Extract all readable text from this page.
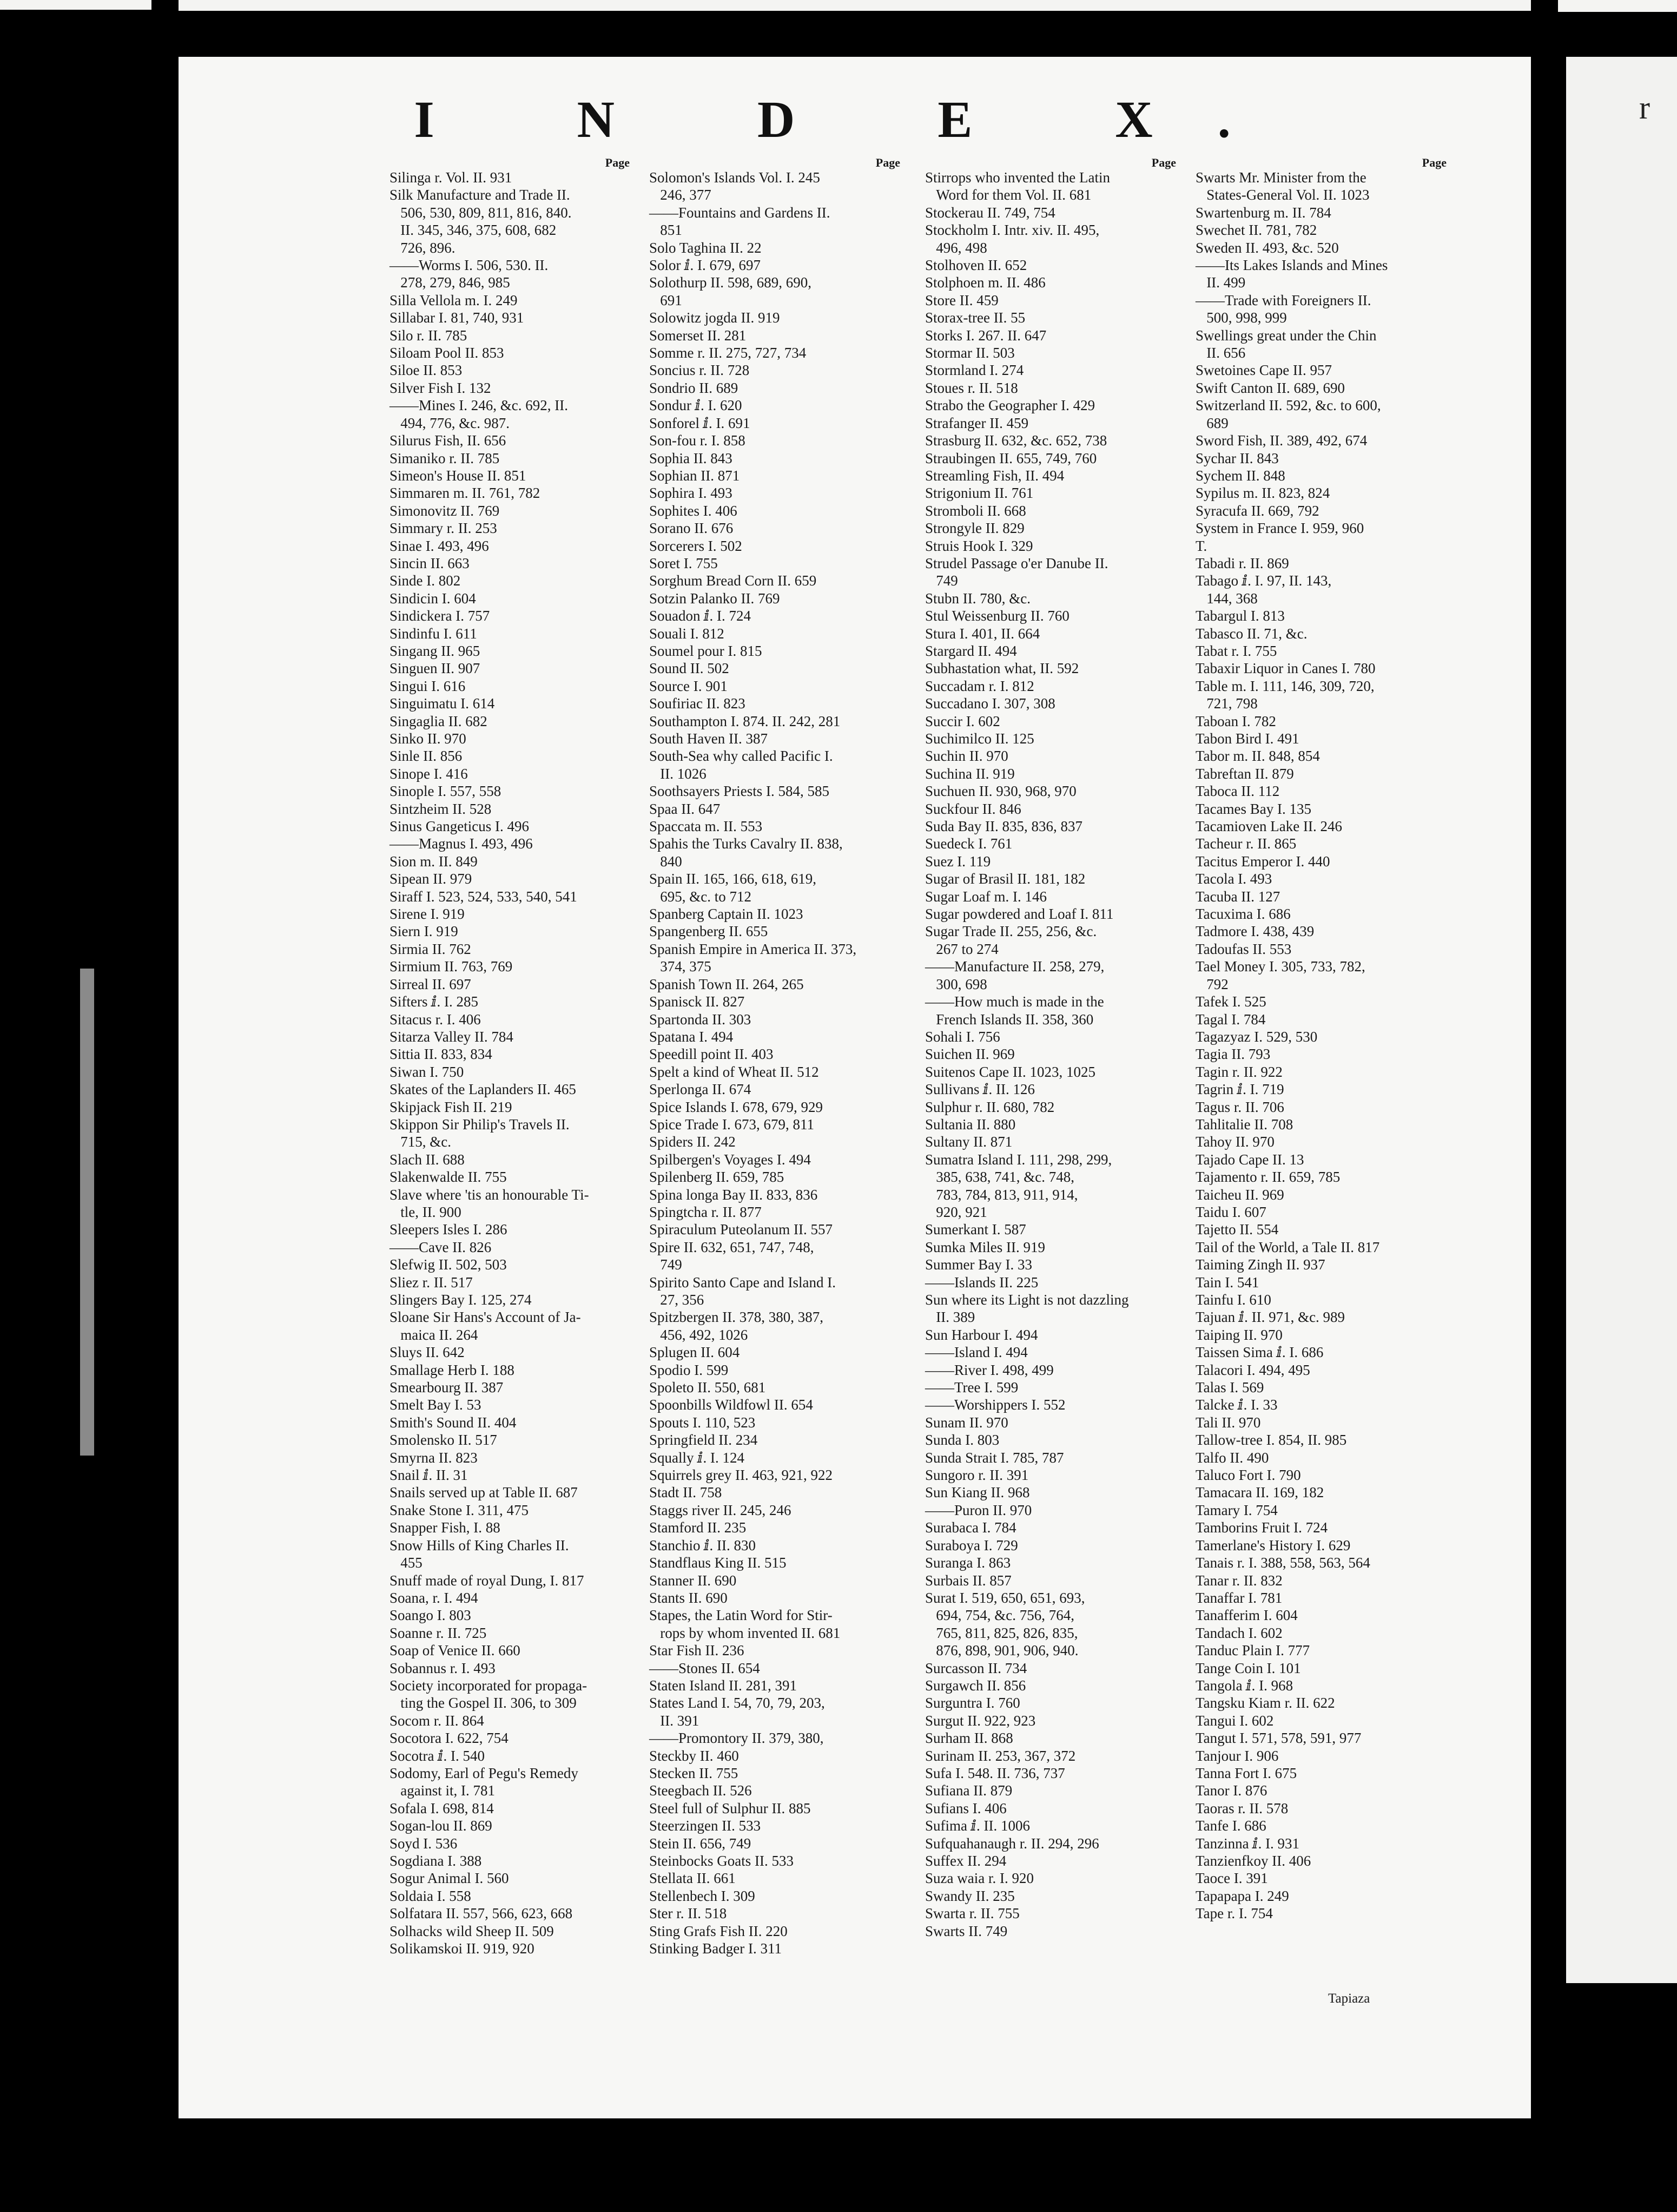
r
I N D E X.
Page
Silinga r. Vol. II. 931
Silk Manufacture and Trade II.
506, 530, 809, 811, 816, 840.
II. 345, 346, 375, 608, 682
726, 896.
——Worms I. 506, 530. II.
278, 279, 846, 985
Silla Vellola m. I. 249
Sillabar I. 81, 740, 931
Silo r. II. 785
Siloam Pool II. 853
Siloe II. 853
Silver Fish I. 132
——Mines I. 246, &c. 692, II.
494, 776, &c. 987.
Silurus Fish, II. 656
Simaniko r. II. 785
Simeon's House II. 851
Simmaren m. II. 761, 782
Simonovitz II. 769
Simmary r. II. 253
Sinae I. 493, 496
Sincin II. 663
Sinde I. 802
Sindicin I. 604
Sindickera I. 757
Sindinfu I. 611
Singang II. 965
Singuen II. 907
Singui I. 616
Singuimatu I. 614
Singaglia II. 682
Sinko II. 970
Sinle II. 856
Sinope I. 416
Sinople I. 557, 558
Sintzheim II. 528
Sinus Gangeticus I. 496
——Magnus I. 493, 496
Sion m. II. 849
Sipean II. 979
Siraff I. 523, 524, 533, 540, 541
Sirene I. 919
Siern I. 919
Sirmia II. 762
Sirmium II. 763, 769
Sirreal II. 697
Sifters ⅈ. I. 285
Sitacus r. I. 406
Sitarza Valley II. 784
Sittia II. 833, 834
Siwan I. 750
Skates of the Laplanders II. 465
Skipjack Fish II. 219
Skippon Sir Philip's Travels II.
715, &c.
Slach II. 688
Slakenwalde II. 755
Slave where 'tis an honourable Ti-
tle, II. 900
Sleepers Isles I. 286
——Cave II. 826
Slefwig II. 502, 503
Sliez r. II. 517
Slingers Bay I. 125, 274
Sloane Sir Hans's Account of Ja-
maica II. 264
Sluys II. 642
Smallage Herb I. 188
Smearbourg II. 387
Smelt Bay I. 53
Smith's Sound II. 404
Smolensko II. 517
Smyrna II. 823
Snail ⅈ. II. 31
Snails served up at Table II. 687
Snake Stone I. 311, 475
Snapper Fish, I. 88
Snow Hills of King Charles II.
455
Snuff made of royal Dung, I. 817
Soana, r. I. 494
Soango I. 803
Soanne r. II. 725
Soap of Venice II. 660
Sobannus r. I. 493
Society incorporated for propaga-
ting the Gospel II. 306, to 309
Socom r. II. 864
Socotora I. 622, 754
Socotra ⅈ. I. 540
Sodomy, Earl of Pegu's Remedy
against it, I. 781
Sofala I. 698, 814
Sogan-lou II. 869
Soyd I. 536
Sogdiana I. 388
Sogur Animal I. 560
Soldaia I. 558
Solfatara II. 557, 566, 623, 668
Solhacks wild Sheep II. 509
Solikamskoi II. 919, 920
Page
Solomon's Islands Vol. I. 245
246, 377
——Fountains and Gardens II.
851
Solo Taghina II. 22
Solor ⅈ. I. 679, 697
Solothurp II. 598, 689, 690,
691
Solowitz jogda II. 919
Somerset II. 281
Somme r. II. 275, 727, 734
Soncius r. II. 728
Sondrio II. 689
Sondur ⅈ. I. 620
Sonforel ⅈ. I. 691
Son-fou r. I. 858
Sophia II. 843
Sophian II. 871
Sophira I. 493
Sophites I. 406
Sorano II. 676
Sorcerers I. 502
Soret I. 755
Sorghum Bread Corn II. 659
Sotzin Palanko II. 769
Souadon ⅈ. I. 724
Souali I. 812
Soumel pour I. 815
Sound II. 502
Source I. 901
Soufiriac II. 823
Southampton I. 874. II. 242, 281
South Haven II. 387
South-Sea why called Pacific I.
II. 1026
Soothsayers Priests I. 584, 585
Spaa II. 647
Spaccata m. II. 553
Spahis the Turks Cavalry II. 838,
840
Spain II. 165, 166, 618, 619,
695, &c. to 712
Spanberg Captain II. 1023
Spangenberg II. 655
Spanish Empire in America II. 373,
374, 375
Spanish Town II. 264, 265
Spanisck II. 827
Spartonda II. 303
Spatana I. 494
Speedill point II. 403
Spelt a kind of Wheat II. 512
Sperlonga II. 674
Spice Islands I. 678, 679, 929
Spice Trade I. 673, 679, 811
Spiders II. 242
Spilbergen's Voyages I. 494
Spilenberg II. 659, 785
Spina longa Bay II. 833, 836
Spingtcha r. II. 877
Spiraculum Puteolanum II. 557
Spire II. 632, 651, 747, 748,
749
Spirito Santo Cape and Island I.
27, 356
Spitzbergen II. 378, 380, 387,
456, 492, 1026
Splugen II. 604
Spodio I. 599
Spoleto II. 550, 681
Spoonbills Wildfowl II. 654
Spouts I. 110, 523
Springfield II. 234
Squally ⅈ. I. 124
Squirrels grey II. 463, 921, 922
Stadt II. 758
Staggs river II. 245, 246
Stamford II. 235
Stanchio ⅈ. II. 830
Standflaus King II. 515
Stanner II. 690
Stants II. 690
Stapes, the Latin Word for Stir-
rops by whom invented II. 681
Star Fish II. 236
——Stones II. 654
Staten Island II. 281, 391
States Land I. 54, 70, 79, 203,
II. 391
——Promontory II. 379, 380,
Steckby II. 460
Stecken II. 755
Steegbach II. 526
Steel full of Sulphur II. 885
Steerzingen II. 533
Stein II. 656, 749
Steinbocks Goats II. 533
Stellata II. 661
Stellenbech I. 309
Ster r. II. 518
Sting Grafs Fish II. 220
Stinking Badger I. 311
Page
Stirrops who invented the Latin
Word for them Vol. II. 681
Stockerau II. 749, 754
Stockholm I. Intr. xiv. II. 495,
496, 498
Stolhoven II. 652
Stolphoen m. II. 486
Store II. 459
Storax-tree II. 55
Storks I. 267. II. 647
Stormar II. 503
Stormland I. 274
Stoues r. II. 518
Strabo the Geographer I. 429
Strafanger II. 459
Strasburg II. 632, &c. 652, 738
Straubingen II. 655, 749, 760
Streamling Fish, II. 494
Strigonium II. 761
Stromboli II. 668
Strongyle II. 829
Struis Hook I. 329
Strudel Passage o'er Danube II.
749
Stubn II. 780, &c.
Stul Weissenburg II. 760
Stura I. 401, II. 664
Stargard II. 494
Subhastation what, II. 592
Succadam r. I. 812
Succadano I. 307, 308
Succir I. 602
Suchimilco II. 125
Suchin II. 970
Suchina II. 919
Suchuen II. 930, 968, 970
Suckfour II. 846
Suda Bay II. 835, 836, 837
Suedeck I. 761
Suez I. 119
Sugar of Brasil II. 181, 182
Sugar Loaf m. I. 146
Sugar powdered and Loaf I. 811
Sugar Trade II. 255, 256, &c.
267 to 274
——Manufacture II. 258, 279,
300, 698
——How much is made in the
French Islands II. 358, 360
Sohali I. 756
Suichen II. 969
Suitenos Cape II. 1023, 1025
Sullivans ⅈ. II. 126
Sulphur r. II. 680, 782
Sultania II. 880
Sultany II. 871
Sumatra Island I. 111, 298, 299,
385, 638, 741, &c. 748,
783, 784, 813, 911, 914,
920, 921
Sumerkant I. 587
Sumka Miles II. 919
Summer Bay I. 33
——Islands II. 225
Sun where its Light is not dazzling
II. 389
Sun Harbour I. 494
——Island I. 494
——River I. 498, 499
——Tree I. 599
——Worshippers I. 552
Sunam II. 970
Sunda I. 803
Sunda Strait I. 785, 787
Sungoro r. II. 391
Sun Kiang II. 968
——Puron II. 970
Surabaca I. 784
Suraboya I. 729
Suranga I. 863
Surbais II. 857
Surat I. 519, 650, 651, 693,
694, 754, &c. 756, 764,
765, 811, 825, 826, 835,
876, 898, 901, 906, 940.
Surcasson II. 734
Surgawch II. 856
Surguntra I. 760
Surgut II. 922, 923
Surham II. 868
Surinam II. 253, 367, 372
Sufa I. 548. II. 736, 737
Sufiana II. 879
Sufians I. 406
Sufima ⅈ. II. 1006
Sufquahanaugh r. II. 294, 296
Suffex II. 294
Suza waia r. I. 920
Swandy II. 235
Swarta r. II. 755
Swarts II. 749
Page
Swarts Mr. Minister from the
States-General Vol. II. 1023
Swartenburg m. II. 784
Swechet II. 781, 782
Sweden II. 493, &c. 520
——Its Lakes Islands and Mines
II. 499
——Trade with Foreigners II.
500, 998, 999
Swellings great under the Chin
II. 656
Swetoines Cape II. 957
Swift Canton II. 689, 690
Switzerland II. 592, &c. to 600,
689
Sword Fish, II. 389, 492, 674
Sychar II. 843
Sychem II. 848
Sypilus m. II. 823, 824
Syracufa II. 669, 792
System in France I. 959, 960
T.
Tabadi r. II. 869
Tabago ⅈ. I. 97, II. 143,
144, 368
Tabargul I. 813
Tabasco II. 71, &c.
Tabat r. I. 755
Tabaxir Liquor in Canes I. 780
Table m. I. 111, 146, 309, 720,
721, 798
Taboan I. 782
Tabon Bird I. 491
Tabor m. II. 848, 854
Tabreftan II. 879
Taboca II. 112
Tacames Bay I. 135
Tacamioven Lake II. 246
Tacheur r. II. 865
Tacitus Emperor I. 440
Tacola I. 493
Tacuba II. 127
Tacuxima I. 686
Tadmore I. 438, 439
Tadoufas II. 553
Tael Money I. 305, 733, 782,
792
Tafek I. 525
Tagal I. 784
Tagazyaz I. 529, 530
Tagia II. 793
Tagin r. II. 922
Tagrin ⅈ. I. 719
Tagus r. II. 706
Tahlitalie II. 708
Tahoy II. 970
Tajado Cape II. 13
Tajamento r. II. 659, 785
Taicheu II. 969
Taidu I. 607
Tajetto II. 554
Tail of the World, a Tale II. 817
Taiming Zingh II. 937
Tain I. 541
Tainfu I. 610
Tajuan ⅈ. II. 971, &c. 989
Taiping II. 970
Taissen Sima ⅈ. I. 686
Talacori I. 494, 495
Talas I. 569
Talcke ⅈ. I. 33
Tali II. 970
Tallow-tree I. 854, II. 985
Talfo II. 490
Taluco Fort I. 790
Tamacara II. 169, 182
Tamary I. 754
Tamborins Fruit I. 724
Tamerlane's History I. 629
Tanais r. I. 388, 558, 563, 564
Tanar r. II. 832
Tanaffar I. 781
Tanafferim I. 604
Tandach I. 602
Tanduc Plain I. 777
Tange Coin I. 101
Tangola ⅈ. I. 968
Tangsku Kiam r. II. 622
Tangui I. 602
Tangut I. 571, 578, 591, 977
Tanjour I. 906
Tanna Fort I. 675
Tanor I. 876
Taoras r. II. 578
Tanfe I. 686
Tanzinna ⅈ. I. 931
Tanzienfkoy II. 406
Taoce I. 391
Tapapapa I. 249
Tape r. I. 754
Tapiaza
